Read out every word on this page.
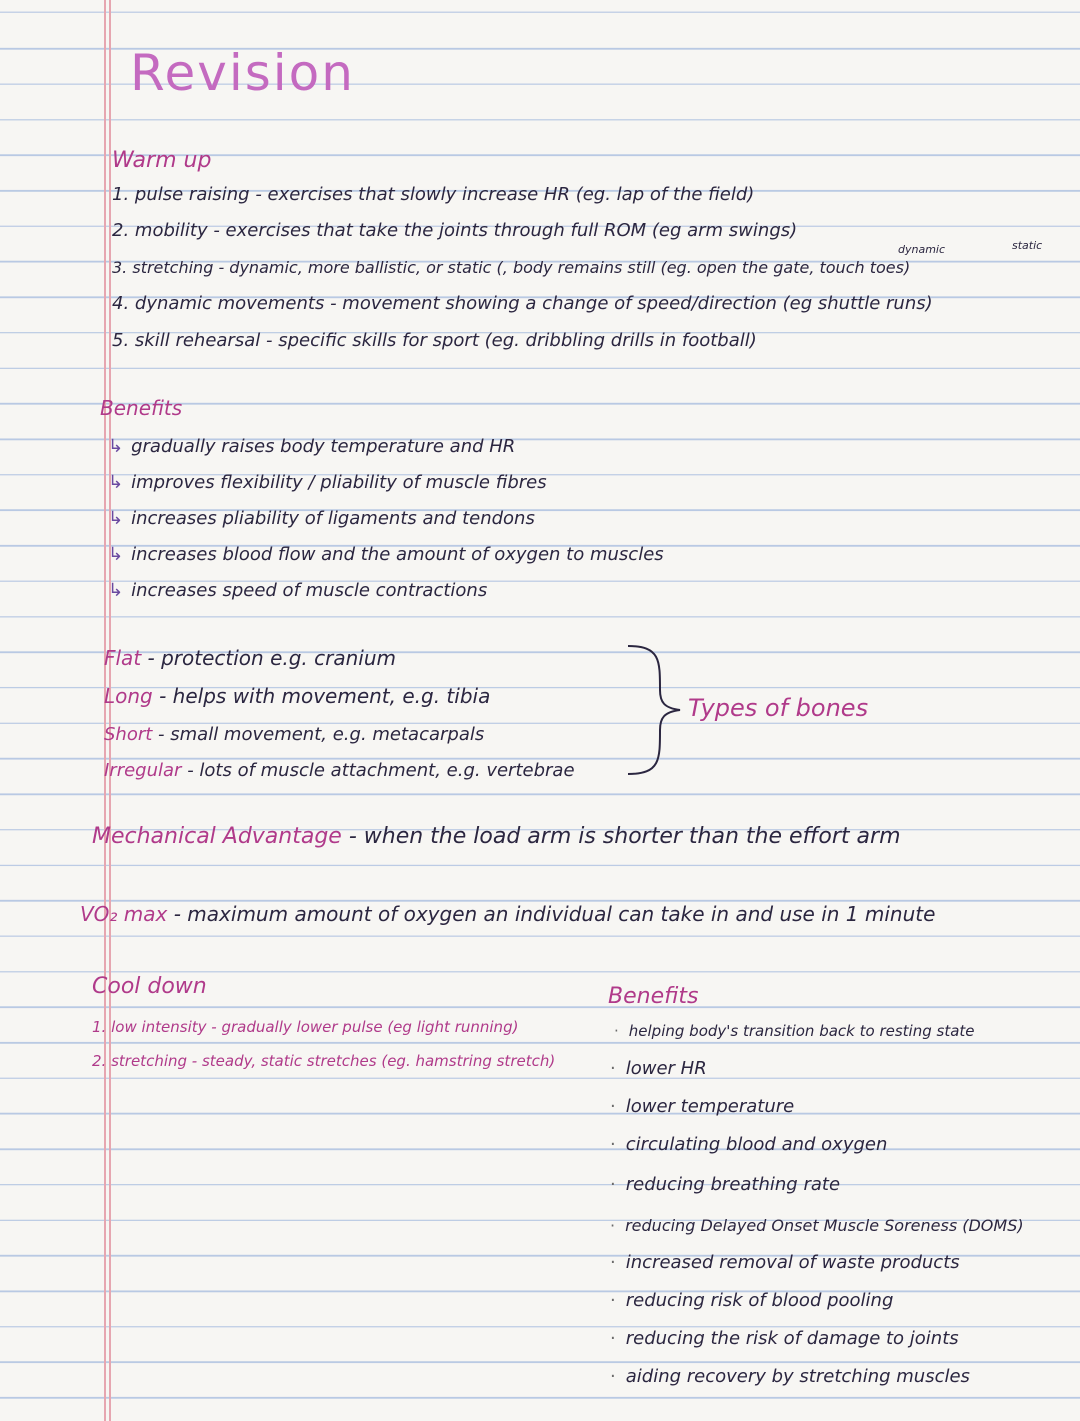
Revision
Warm up
1. pulse raising - exercises that slowly increase HR (eg. lap of the field)
2. mobility - exercises that take the joints through full ROM (eg arm swings)
dynamic	static
3. stretching - dynamic, more ballistic, or static (, body remains still (eg. open the gate, touch toes)
4. dynamic movements - movement showing a change of speed/direction (eg shuttle runs)
5. skill rehearsal - specific skills for sport (eg. dribbling drills in football)
Benefits
↳ gradually raises body temperature and HR
↳ improves flexibility / pliability of muscle fibres
↳ increases pliability of ligaments and tendons
↳ increases blood flow and the amount of oxygen to muscles
↳ increases speed of muscle contractions
Flat - protection e.g. cranium
Long - helps with movement, e.g. tibia
Short - small movement, e.g. metacarpals
Irregular - lots of muscle attachment, e.g. vertebrae
Types of bones
Mechanical Advantage - when the load arm is shorter than the effort arm
VO₂ max - maximum amount of oxygen an individual can take in and use in 1 minute
Cool down
1. low intensity - gradually lower pulse (eg light running)
2. stretching - steady, static stretches (eg. hamstring stretch)
Benefits
· helping body's transition back to resting state
· lower HR
· lower temperature
· circulating blood and oxygen
· reducing breathing rate
· reducing Delayed Onset Muscle Soreness (DOMS)
· increased removal of waste products
· reducing risk of blood pooling
· reducing the risk of damage to joints
· aiding recovery by stretching muscles
